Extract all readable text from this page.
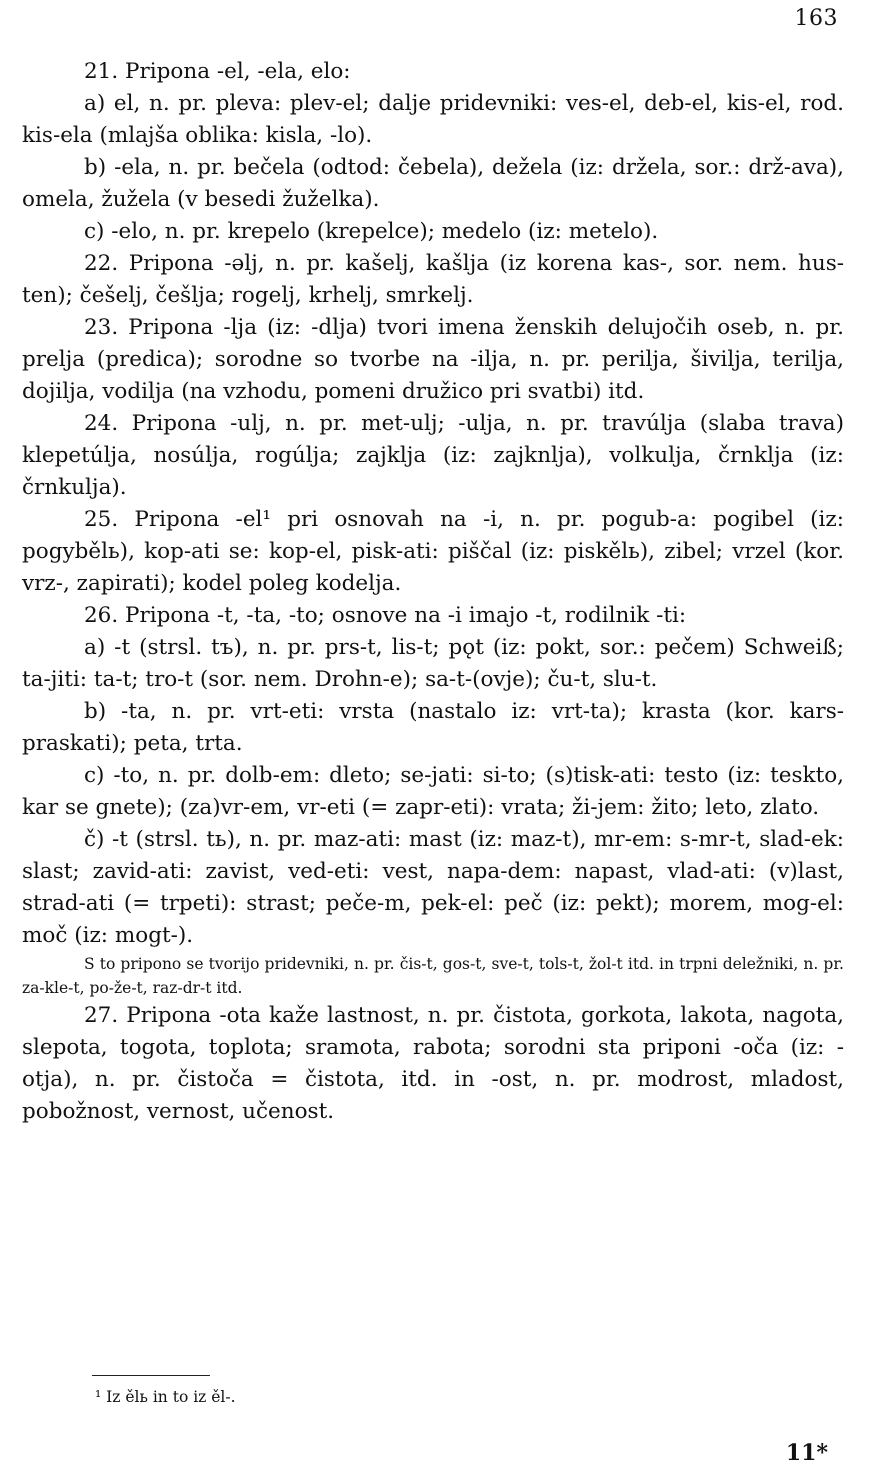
163

21. Pripona -el, -ela, elo:

a) el, n. pr. pleva: plev-el; dalje pridevniki: ves-el, deb-el, kis-el, rod. kis-ela (mlajša oblika: kisla, -lo).

b) -ela, n. pr. bečela (odtod: čebela), dežela (iz: držela, sor.: drž-ava), omela, žužela (v besedi žuželka).

c) -elo, n. pr. krepelo (krepelce); medelo (iz: metelo).

22. Pripona -əlj, n. pr. kašelj, kašlja (iz korena kas-, sor. nem. hus-ten); češelj, češlja; rogelj, krhelj, smrkelj.

23. Pripona -lja (iz: -dlja) tvori imena ženskih delujočih oseb, n. pr. prelja (predica); sorodne so tvorbe na -ilja, n. pr. perilja, šivilja, terilja, dojilja, vodilja (na vzhodu, pomeni družico pri svatbi) itd.

24. Pripona -ulj, n. pr. met-ulj; -ulja, n. pr. travúlja (slaba trava) klepetúlja, nosúlja, rogúlja; zajklja (iz: zajknlja), volkulja, črnklja (iz: črnkulja).

25. Pripona -el¹ pri osnovah na -i, n. pr. pogub-a: pogibel (iz: pogybělь), kop-ati se: kop-el, pisk-ati: piščal (iz: piskělь), zibel; vrzel (kor. vrz-, zapirati); kodel poleg kodelja.

26. Pripona -t, -ta, -to; osnove na -i imajo -t, rodilnik -ti:

a) -t (strsl. tъ), n. pr. prs-t, lis-t; pǫt (iz: pokt, sor.: pečem) Schweiß; ta-jiti: ta-t; tro-t (sor. nem. Drohn-e); sa-t-(ovje); ču-t, slu-t.

b) -ta, n. pr. vrt-eti: vrsta (nastalo iz: vrt-ta); krasta (kor. kars- praskati); peta, trta.

c) -to, n. pr. dolb-em: dleto; se-jati: si-to; (s)tisk-ati: testo (iz: teskto, kar se gnete); (za)vr-em, vr-eti (= zapr-eti): vrata; ži-jem: žito; leto, zlato.

č) -t (strsl. tь), n. pr. maz-ati: mast (iz: maz-t), mr-em: s-mr-t, slad-ek: slast; zavid-ati: zavist, ved-eti: vest, napa-dem: napast, vlad-ati: (v)last, strad-ati (= trpeti): strast; peče-m, pek-el: peč (iz: pekt); morem, mog-el: moč (iz: mogt-).

S to pripono se tvorijo pridevniki, n. pr. čis-t, gos-t, sve-t, tols-t, žol-t itd. in trpni deležniki, n. pr. za-kle-t, po-že-t, raz-dr-t itd.

27. Pripona -ota kaže lastnost, n. pr. čistota, gorkota, lakota, nagota, slepota, togota, toplota; sramota, rabota; sorodni sta priponi -oča (iz: -otja), n. pr. čistoča = čistota, itd. in -ost, n. pr. modrost, mladost, pobožnost, vernost, učenost.

¹ Iz ělь in to iz ěl-.
11*
